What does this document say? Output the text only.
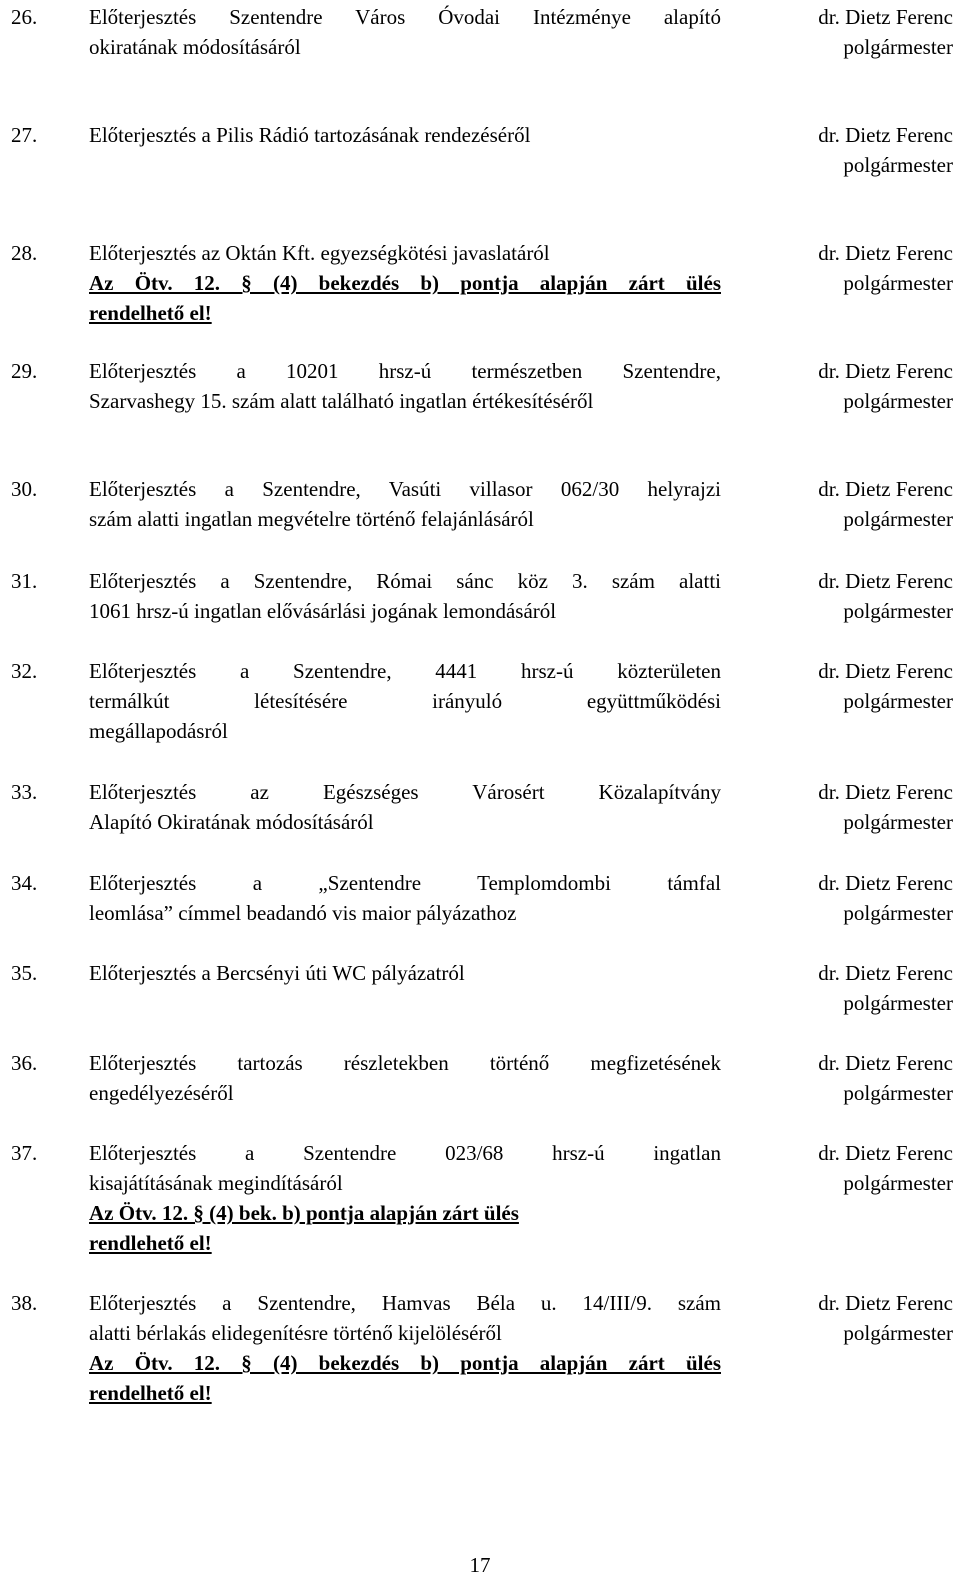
26. Előterjesztés Szentendre Város Óvodai Intézménye alapító
okiratának módosításáról
dr. Dietz Ferenc
polgármester
27. Előterjesztés a Pilis Rádió tartozásának rendezéséről	dr. Dietz Ferenc
polgármester
28. Előterjesztés az Oktán Kft. egyezségkötési javaslatáról
Az Ötv. 12. § (4) bekezdés b) pontja alapján zárt ülés
rendelhető el!
dr. Dietz Ferenc
polgármester
29. Előterjesztés a 10201 hrsz-ú természetben Szentendre,
Szarvashegy 15. szám alatt található ingatlan értékesítéséről
dr. Dietz Ferenc
polgármester
30. Előterjesztés a Szentendre, Vasúti villasor 062/30 helyrajzi
szám alatti ingatlan megvételre történő felajánlásáról
dr. Dietz Ferenc
polgármester
31. Előterjesztés a Szentendre, Római sánc köz 3. szám alatti
1061 hrsz-ú ingatlan elővásárlási jogának lemondásáról
dr. Dietz Ferenc
polgármester
32. Előterjesztés a Szentendre, 4441 hrsz-ú közterületen
termálkút létesítésére irányuló együttműködési
megállapodásról
dr. Dietz Ferenc
polgármester
33. Előterjesztés az Egészséges Városért Közalapítvány
Alapító Okiratának módosításáról
dr. Dietz Ferenc
polgármester
34. Előterjesztés a „Szentendre Templomdombi támfal
leomlása” címmel beadandó vis maior pályázathoz
dr. Dietz Ferenc
polgármester
35. Előterjesztés a Bercsényi úti WC pályázatról	dr. Dietz Ferenc
polgármester
36. Előterjesztés tartozás részletekben történő megfizetésének
engedélyezéséről
dr. Dietz Ferenc
polgármester
37. Előterjesztés a Szentendre 023/68 hrsz-ú ingatlan
kisajátításának megindításáról
Az Ötv. 12. § (4) bek. b) pontja alapján zárt ülés
rendlehető el!
dr. Dietz Ferenc
polgármester
38. Előterjesztés a Szentendre, Hamvas Béla u. 14/III/9. szám
alatti bérlakás elidegenítésre történő kijelöléséről
Az Ötv. 12. § (4) bekezdés b) pontja alapján zárt ülés
rendelhető el!
dr. Dietz Ferenc
polgármester
17
